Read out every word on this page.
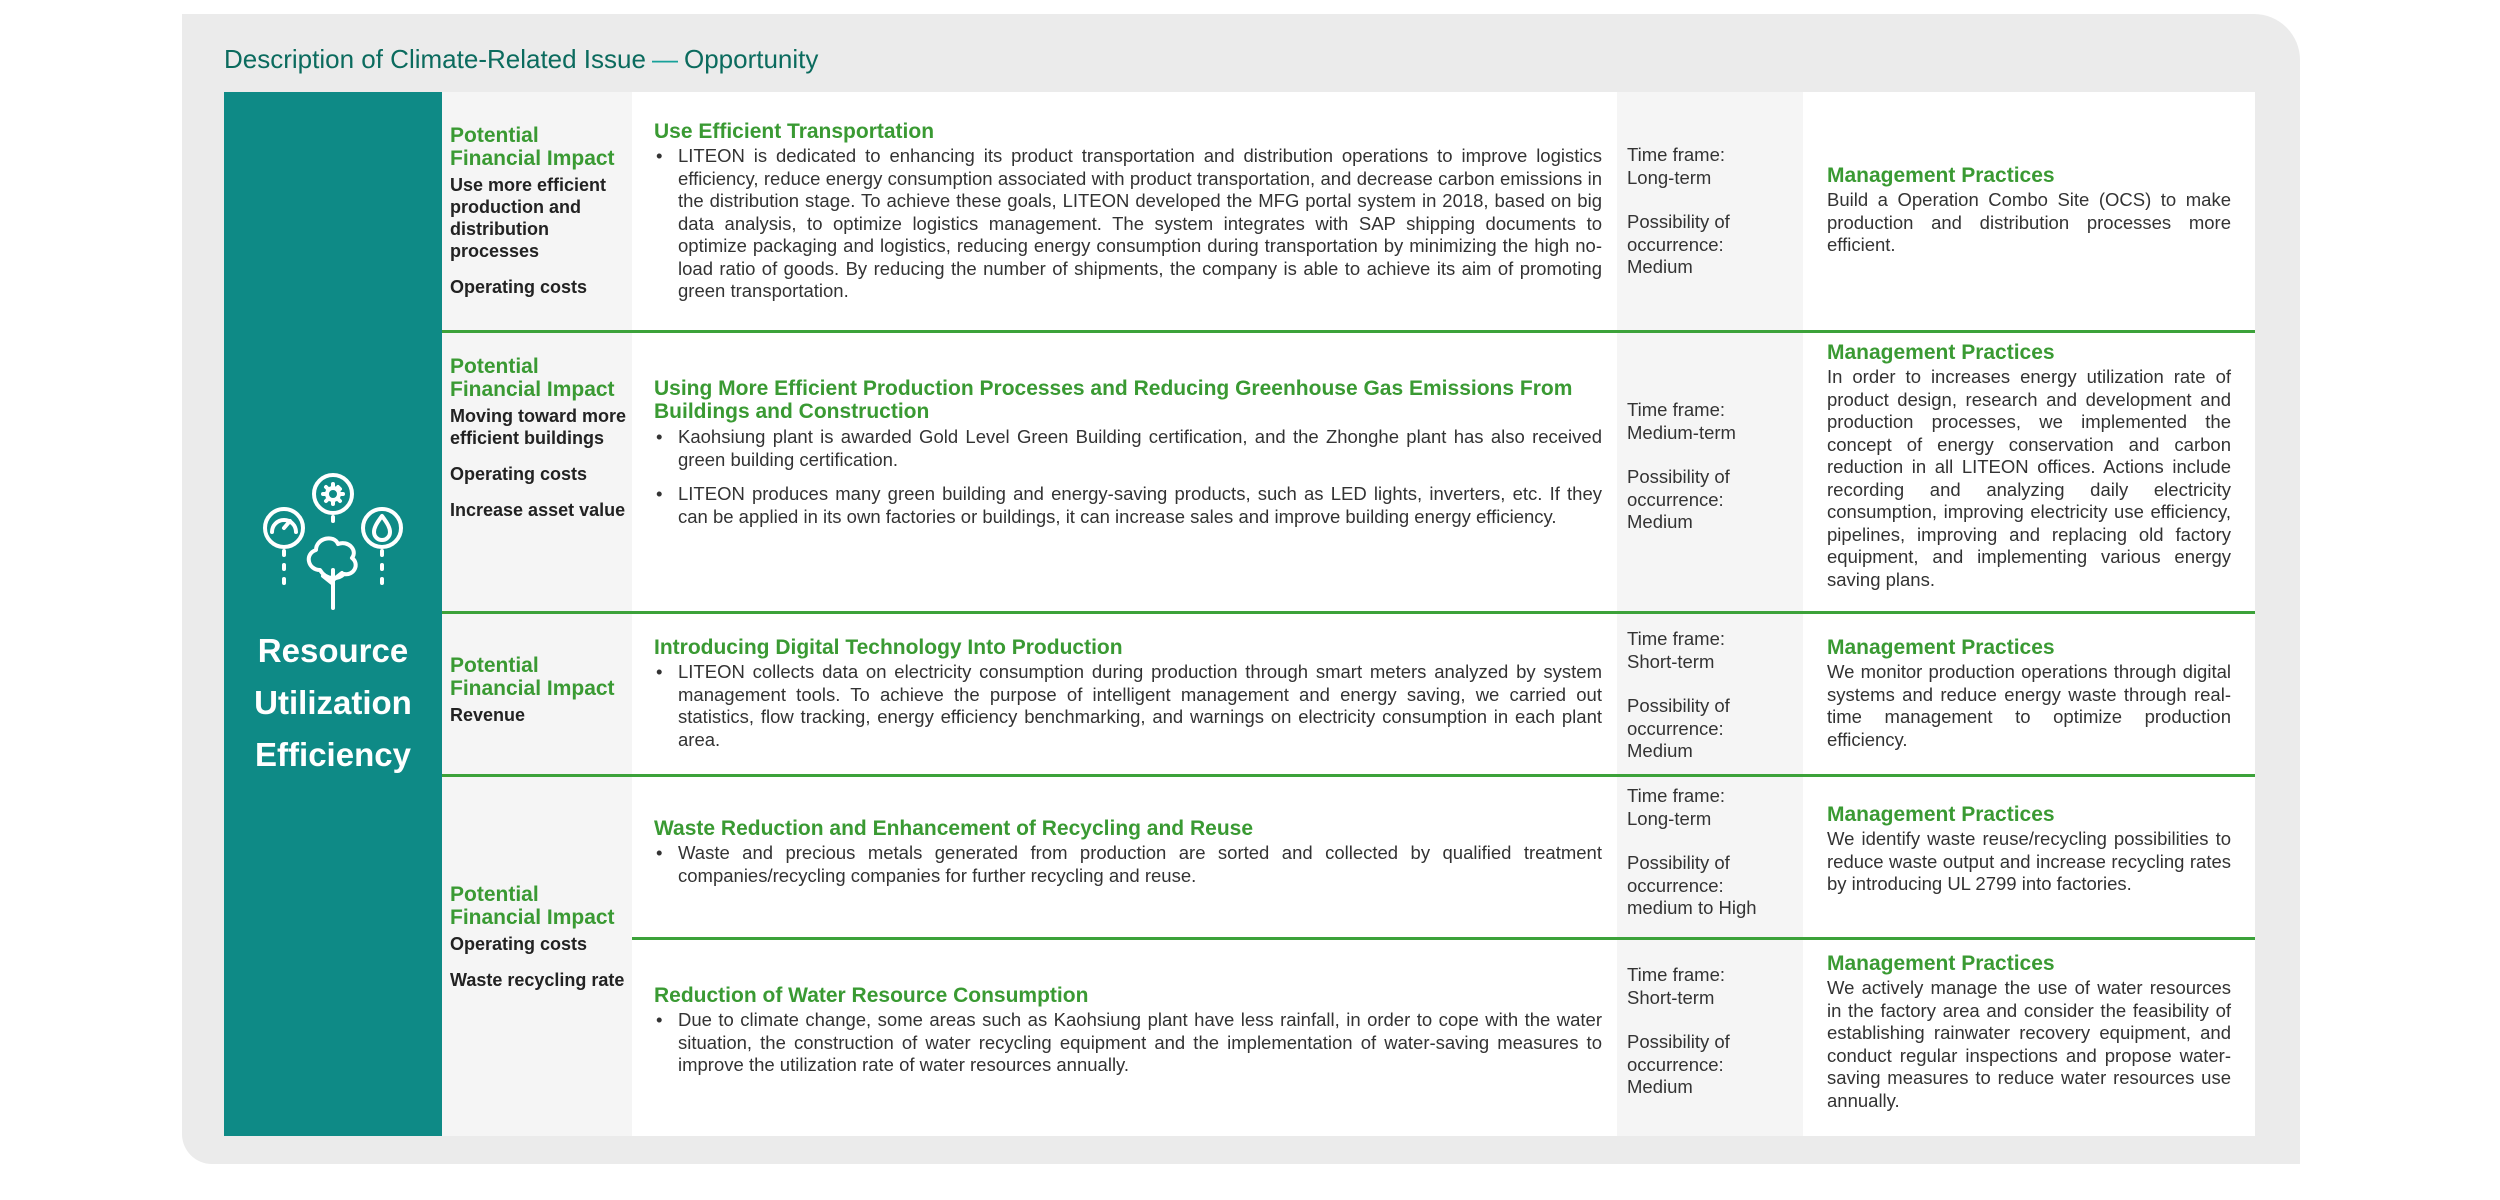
Description of Climate-Related Issue — Opportunity
Resource
Utilization
Efficiency
Potential Financial Impact
Use more efficient production and distribution processes
Operating costs
Use Efficient Transportation
• LITEON is dedicated to enhancing its product transportation and distribution operations to improve logistics efficiency, reduce energy consumption associated with product transportation, and decrease carbon emissions in the distribution stage. To achieve these goals, LITEON developed the MFG portal system in 2018, based on big data analysis, to optimize logistics management. The system integrates with SAP shipping documents to optimize packaging and logistics, reducing energy consumption during transportation by minimizing the high no-load ratio of goods. By reducing the number of shipments, the company is able to achieve its aim of promoting green transportation.
Time frame:
Long-term
Possibility of occurrence:
Medium
Management Practices
Build a Operation Combo Site (OCS) to make production and distribution processes more efficient.
Potential Financial Impact
Moving toward more efficient buildings
Operating costs
Increase asset value
Using More Efficient Production Processes and Reducing Greenhouse Gas Emissions From Buildings and Construction
• Kaohsiung plant is awarded Gold Level Green Building certification, and the Zhonghe plant has also received green building certification.
• LITEON produces many green building and energy-saving products, such as LED lights, inverters, etc. If they can be applied in its own factories or buildings, it can increase sales and improve building energy efficiency.
Time frame:
Medium-term
Possibility of occurrence:
Medium
Management Practices
In order to increases energy utilization rate of product design, research and development and production processes, we implemented the concept of energy conservation and carbon reduction in all LITEON offices. Actions include recording and analyzing daily electricity consumption, improving electricity use efficiency, pipelines, improving and replacing old factory equipment, and implementing various energy saving plans.
Potential Financial Impact
Revenue
Introducing Digital Technology Into Production
• LITEON collects data on electricity consumption during production through smart meters analyzed by system management tools. To achieve the purpose of intelligent management and energy saving, we carried out statistics, flow tracking, energy efficiency benchmarking, and warnings on electricity consumption in each plant area.
Time frame:
Short-term
Possibility of occurrence:
Medium
Management Practices
We monitor production operations through digital systems and reduce energy waste through real-time management to optimize production efficiency.
Potential Financial Impact
Operating costs
Waste recycling rate
Waste Reduction and Enhancement of Recycling and Reuse
• Waste and precious metals generated from production are sorted and collected by qualified treatment companies/recycling companies for further recycling and reuse.
Time frame:
Long-term
Possibility of occurrence:
medium to High
Management Practices
We identify waste reuse/recycling possibilities to reduce waste output and increase recycling rates by introducing UL 2799 into factories.
Reduction of Water Resource Consumption
• Due to climate change, some areas such as Kaohsiung plant have less rainfall, in order to cope with the water situation, the construction of water recycling equipment and the implementation of water-saving measures to improve the utilization rate of water resources annually.
Time frame:
Short-term
Possibility of occurrence:
Medium
Management Practices
We actively manage the use of water resources in the factory area and consider the feasibility of establishing rainwater recovery equipment, and conduct regular inspections and propose water-saving measures to reduce water resources use annually.
